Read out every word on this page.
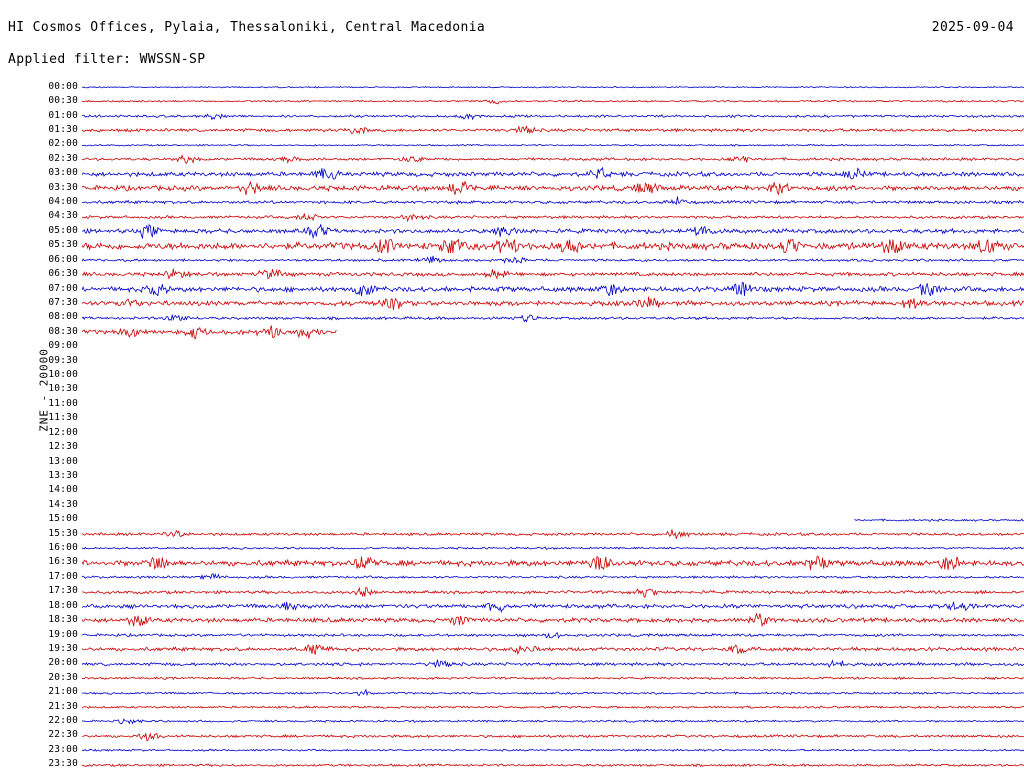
HI Cosmos Offices, Pylaia, Thessaloniki, Central Macedonia	2025-09-04
Applied filter: WWSSN-SP
ZNE - 20000
00:00
00:30
01:00
01:30
02:00
02:30
03:00
03:30
04:00
04:30
05:00
05:30
06:00
06:30
07:00
07:30
08:00
08:30
09:00
09:30
10:00
10:30
11:00
11:30
12:00
12:30
13:00
13:30
14:00
14:30
15:00
15:30
16:00
16:30
17:00
17:30
18:00
18:30
19:00
19:30
20:00
20:30
21:00
21:30
22:00
22:30
23:00
23:30
